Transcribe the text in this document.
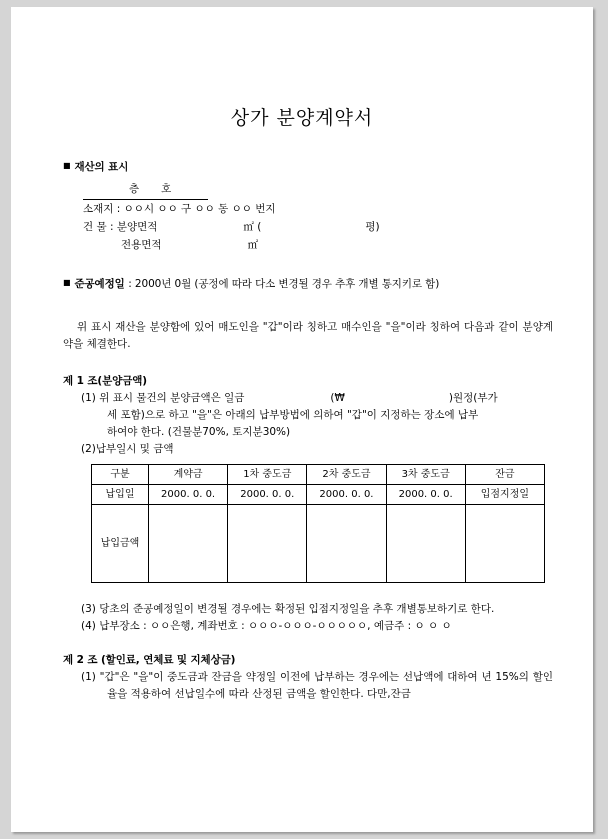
상가 분양계약서
■ 재산의 표시
층 호
소재지 : ㅇㅇ시 ㅇㅇ 구 ㅇㅇ 동 ㅇㅇ 번지
건 물 : 분양면적	㎡ (	평)
전용면적	㎡
■ 준공예정일 : 2000년 0월 (공정에 따라 다소 변경될 경우 추후 개별 통지키로 함)
위 표시 재산을 분양함에 있어 매도인을 "갑"이라 칭하고 매수인을 "을"이라 칭하여 다음과 같이 분양계약을 체결한다.
제 1 조(분양금액)
(1) 위 표시 물건의 분양금액은 일금	(₩	)원정(부가
세 포함)으로 하고 "을"은 아래의 납부방법에 의하여 "갑"이 지정하는 장소에 납부
하여야 한다. (건물분70%, 토지분30%)
(2)납부일시 및 금액
구분	계약금	1차 중도금	2차 중도금	3차 중도금	잔금
납입일	2000. 0. 0.	2000. 0. 0.	2000. 0. 0.	2000. 0. 0.	입점지정일
납입금액					
(3) 당초의 준공예정일이 변경될 경우에는 확정된 입점지정일을 추후 개별통보하기로 한다.
(4) 납부장소 : ㅇㅇ은행, 계좌번호 : ㅇㅇㅇ-ㅇㅇㅇ-ㅇㅇㅇㅇㅇ, 예금주 : ㅇ ㅇ ㅇ
제 2 조 (할인료, 연체료 및 지체상금)
(1) "갑"은 "을"이 중도금과 잔금을 약정일 이전에 납부하는 경우에는 선납액에 대하여 년 15%의 할인율을 적용하여 선납일수에 따라 산정된 금액을 할인한다. 다만,잔금
